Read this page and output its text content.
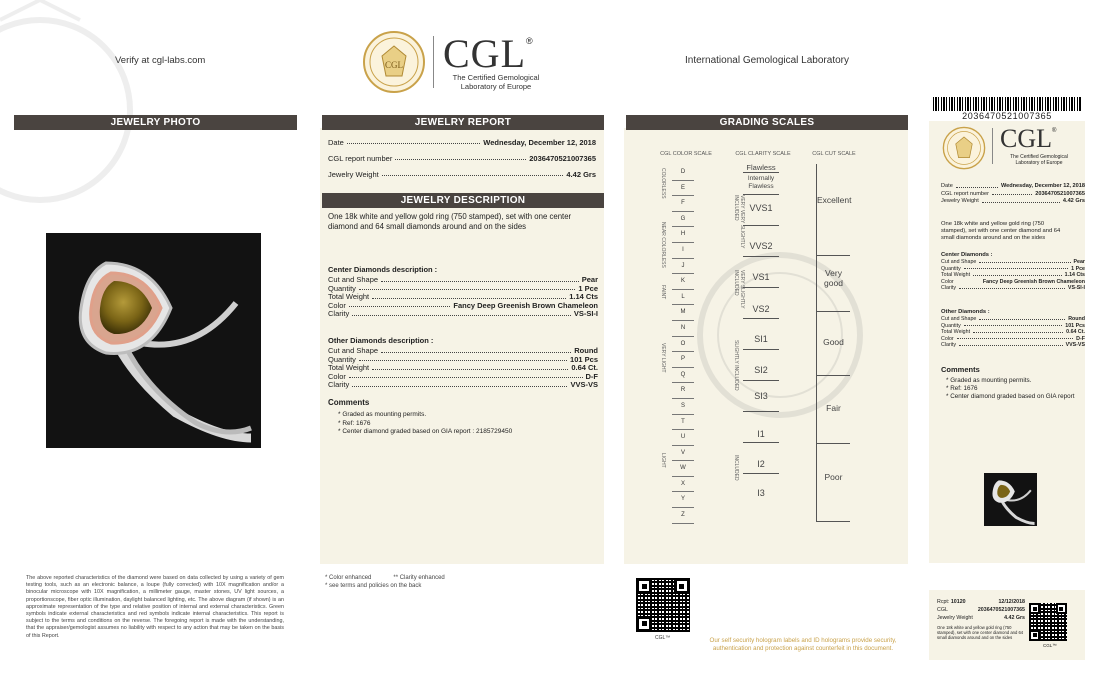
Verify at cgl-labs.com	CGL CGL®
The Certified Gemological
Laboratory of Europe
International Gemological Laboratory
JEWELRY PHOTO
The above reported characteristics of the diamond were based on data collected by using a variety of gem testing tools, such as an electronic balance, a loupe (fully corrected) with 10X magnification and/or a binocular microscope with 10X magnification, a millimeter gauge, master stones, UV light sources, a proportionscope, fiber optic illumination, daylight balanced lighting, etc. The above diagram (if shown) is an approximate representation of the type and relative position of internal and external characteristics. Green symbols indicate external characteristics and red symbols indicate internal characteristics. This report is subject to the terms and conditions on the reverse. The foregoing report is made with the understanding, that the appraiser/gemologist assumes no liability with respect to any action that may be taken on the basis of this Report.
JEWELRY REPORT
Date	Wednesday, December 12, 2018
CGL report number	2036470521007365
Jewelry Weight	4.42 Grs
JEWELRY DESCRIPTION
One 18k white and yellow gold ring (750 stamped), set with one center diamond and 64 small diamonds around and on the sides
Center Diamonds description :
Cut and Shape	Pear
Quantity	1 Pce
Total Weight	1.14 Cts
Color	Fancy Deep Greenish Brown Chameleon
Clarity	VS-SI-I
Other Diamonds description :
Cut and Shape	Round
Quantity	101 Pcs
Total Weight	0.64 Ct.
Color	D-F
Clarity	VVS-VS
Comments
* Graded as mounting permits.
* Ref: 1676
* Center diamond graded based on GIA report : 2185729450
* Color enhanced	** Clarity enhanced
* see terms and policies on the back
GRADING SCALES
CGL COLOR SCALE	CGL CLARITY SCALE	CGL CUT SCALE
COLORLESS
NEAR COLORLESS
FAINT
VERY LIGHT
LIGHT
D
E
F
G
H
I
J
K
L
M
N
O
P
Q
R
S
T
U
V
W
X
Y
Z
VERY VERY SLIGHTLY INCLUDED
VERY SLIGHTLY INCLUDED
SLIGHTLY INCLUDED
INCLUDED
Flawless
Internally Flawless
VVS1
VVS2
VS1
VS2
SI1
SI2
SI3
I1
I2
I3
Excellent
Very good
Good
Fair
Poor
CGL™	Our self security hologram labels and ID holograms provide security, authentication and protection against counterfeit in this document.
2036470521007365
CGL®
The Certified Gemological
Laboratory of Europe
Date	Wednesday, December 12, 2018
CGL report number	2036470521007365
Jewelry Weight	4.42 Grs
One 18k white and yellow gold ring (750 stamped), set with one center diamond and 64 small diamonds around and on the sides
Center Diamonds :
Cut and Shape	Pear
Quantity	1 Pce
Total Weight	1.14 Cts
Color	Fancy Deep Greenish Brown Chameleon
Clarity	VS-SI-I
Other Diamonds :
Cut and Shape	Round
Quantity	101 Pcs
Total Weight	0.64 Ct.
Color	D-F
Clarity	VVS-VS
Comments
* Graded as mounting permits.
* Ref: 1676
* Center diamond graded based on GIA report
Rcpt: 10120	12/12/2018
CGL	2036470521007365
Jewelry Weight	4.42 Grs
One 18k white and yellow gold ring (750 stamped), set with one center diamond and 64 small diamonds around and on the sides
CGL™
